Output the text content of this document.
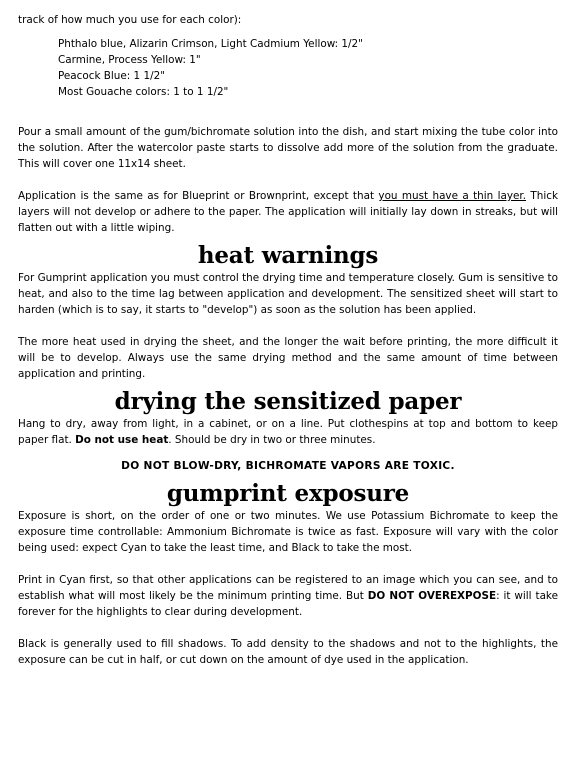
track of how much you use for each color):

Phthalo blue, Alizarin Crimson, Light Cadmium Yellow: 1/2"
Carmine, Process Yellow: 1"
Peacock Blue: 1 1/2"
Most Gouache colors: 1 to 1 1/2"

Pour a small amount of the gum/bichromate solution into the dish, and start mixing the tube color into the solution. After the watercolor paste starts to dissolve add more of the solution from the graduate. This will cover one 11x14 sheet.

Application is the same as for Blueprint or Brownprint, except that you must have a thin layer. Thick layers will not develop or adhere to the paper. The application will initially lay down in streaks, but will flatten out with a little wiping.

heat warnings

For Gumprint application you must control the drying time and temperature closely. Gum is sensitive to heat, and also to the time lag between application and development. The sensitized sheet will start to harden (which is to say, it starts to "develop") as soon as the solution has been applied.

The more heat used in drying the sheet, and the longer the wait before printing, the more difficult it will be to develop. Always use the same drying method and the same amount of time between application and printing.

drying the sensitized paper

Hang to dry, away from light, in a cabinet, or on a line. Put clothespins at top and bottom to keep paper flat. Do not use heat. Should be dry in two or three minutes.

DO NOT BLOW-DRY, BICHROMATE VAPORS ARE TOXIC.

gumprint exposure

Exposure is short, on the order of one or two minutes. We use Potassium Bichromate to keep the exposure time controllable: Ammonium Bichromate is twice as fast. Exposure will vary with the color being used: expect Cyan to take the least time, and Black to take the most.

Print in Cyan first, so that other applications can be registered to an image which you can see, and to establish what will most likely be the minimum printing time. But DO NOT OVEREXPOSE: it will take forever for the highlights to clear during development.

Black is generally used to fill shadows. To add density to the shadows and not to the highlights, the exposure can be cut in half, or cut down on the amount of dye used in the application.
